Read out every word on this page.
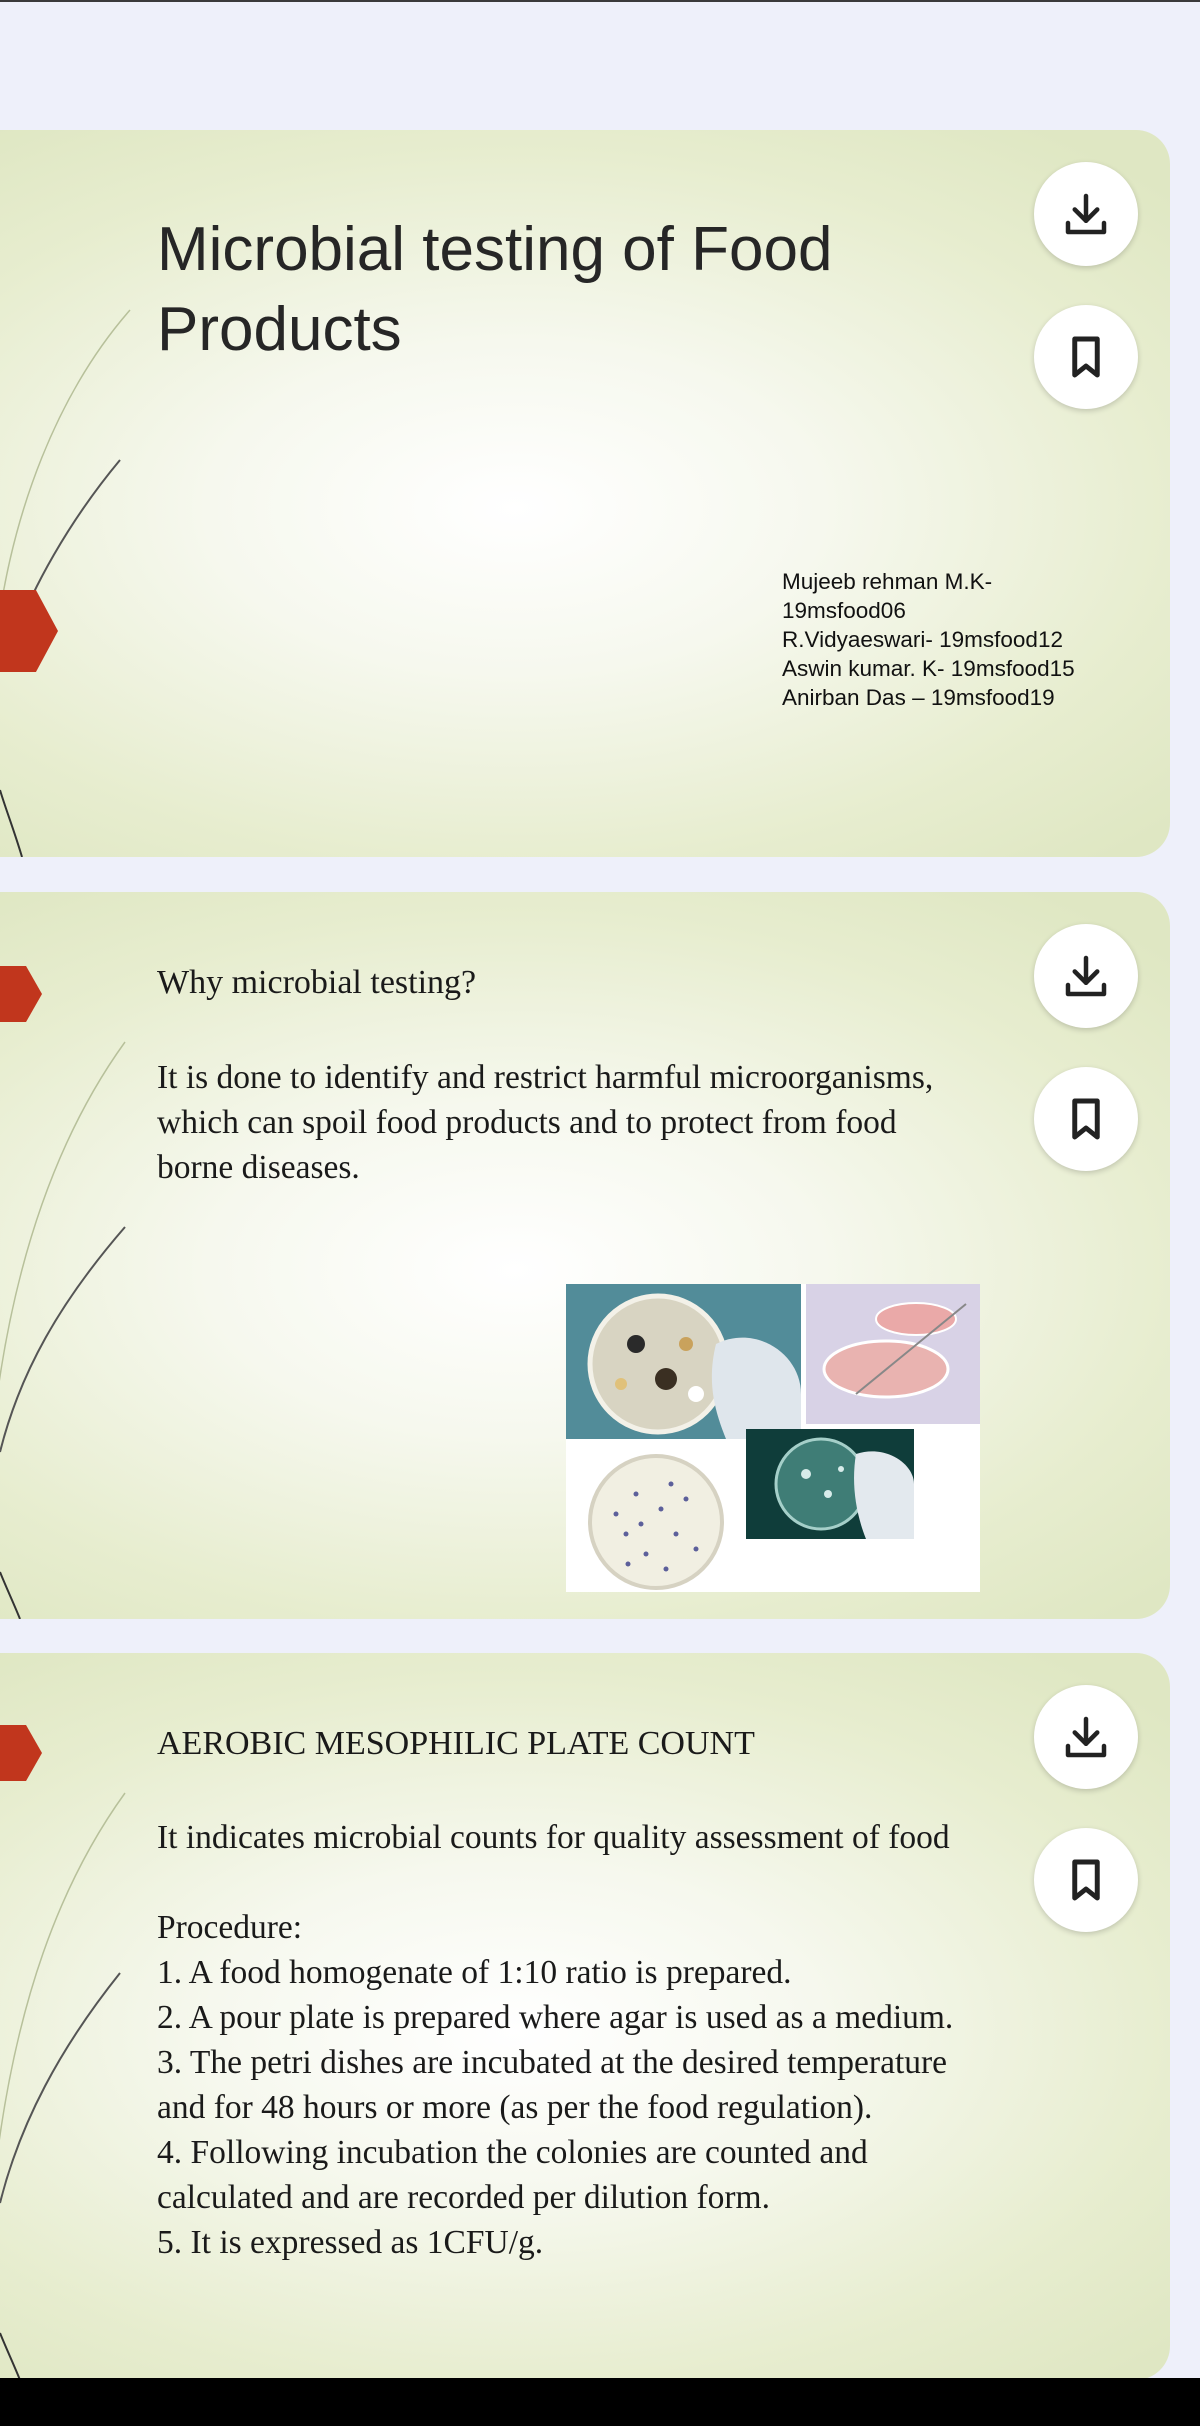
Microbial testing of Food
Products
Mujeeb rehman M.K-
19msfood06
R.Vidyaeswari- 19msfood12
Aswin kumar. K- 19msfood15
Anirban Das – 19msfood19
Why microbial testing?

It is done to identify and restrict harmful microorganisms,

which can spoil food products and to protect from food

borne diseases.

AEROBIC MESOPHILIC PLATE COUNT

It indicates microbial counts for quality assessment of food

Procedure:

1. A food homogenate of 1:10 ratio is prepared.

2. A pour plate is prepared where agar is used as a medium.

3. The petri dishes are incubated at the desired temperature

and for 48 hours or more (as per the food regulation).

4. Following incubation the colonies are counted and

calculated and are recorded per dilution form.

5. It is expressed as 1CFU/g.
